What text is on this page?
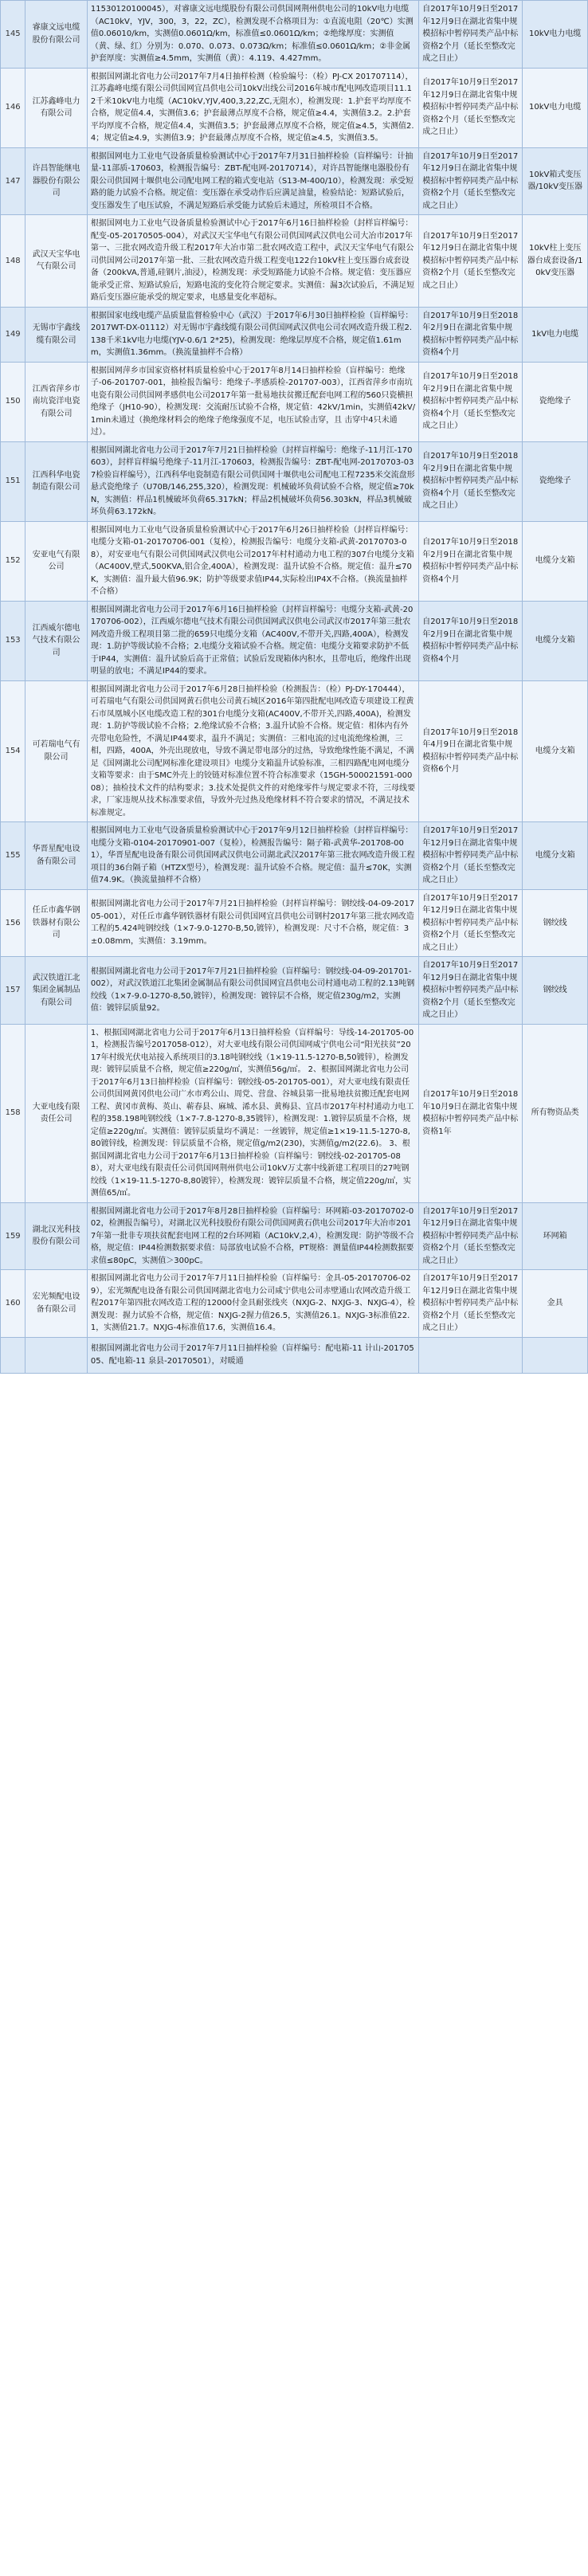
145	睿康文远电缆股份有限公司	11530120100045），对睿康文远电缆股份有限公司供国网荆州供电公司的10kV电力电缆（AC10kV，YJV，300，3，22，ZC），检测发现不合格项目为：①直流电阻（20℃）实测值0.06010/km，实测值0.0601Ω/km，标准值≤0.0601Ω/km；②绝缘厚度：实测值（黄、绿、红）分别为：0.070、0.073、0.073Ω/km；标准值≤0.0601Ω/km；②非金属护套厚度：实测值≥4.5mm，实测值（黄）：4.119、4.427mm。	自2017年10月9日至2017年12月9日在湖北省集中规模招标中暂停同类产品中标资格2个月（延长至整改完成之日止）	10kV电力电缆
146	江苏鑫峰电力有限公司	根据国网湖北省电力公司2017年7月4日抽样检测（检验编号：（检）PJ-CX 201707114），江苏鑫峰电缆有限公司供国网宜昌供电公司10kV出线公司2016年城市配电网改造项目11.12千米10kV电力电缆（AC10kV,YJV,400,3,22,ZC,无阻水），检测发现：1.护套平均厚度不合格，规定值4.4，实测值3.6；护套最薄点厚度不合格，规定值≥4.4，实测值3.2。2.护套平均厚度不合格，规定值4.4，实测值3.5；护套最薄点厚度不合格，规定值≥4.5，实测值2.4；规定值≥4.9，实测值3.9；护套最薄点厚度不合格，规定值≥4.5，实测值3.5。	自2017年10月9日至2017年12月9日在湖北省集中规模招标中暂停同类产品中标资格2个月（延长至整改完成之日止）	10kV电力电缆
147	许昌智能继电器股份有限公司	根据国网电力工业电气设备质量检验测试中心于2017年7月31日抽样检验（盲样编号：计抽量-11部质-170603，检测报告编号：ZBT-配电网-20170714），对许昌智能继电器股份有限公司供国网十堰供电公司配电网工程的箱式变电站（S13-M-400/10），检测发现：承受短路的能力试验不合格。规定值：变压器在承受动作后应满足油量，检验结论：短路试验后，变压器发生了电压试验，不满足短路后承受能力试验后未通过，所检项目不合格。	自2017年10月9日至2017年12月9日在湖北省集中规模招标中暂停同类产品中标资格2个月（延长至整改完成之日止）	10kV箱式变压器/10kV变压器
148	武汉天宝华电气有限公司	根据国网电力工业电气设备质量检验测试中心于2017年6月16日抽样检验（封样盲样编号：配变-05-20170505-004），对武汉天宝华电气有限公司供国网武汉供电公司大冶市2017年第一、三批农网改造升级工程2017年大冶市第二批农网改造工程中，武汉天宝华电气有限公司供国网公司2017年第一批、三批农网改造升级工程变电122台10kV柱上变压器台成套设备（200kVA,普通,硅钢片,油浸），检测发现：承受短路能力试验不合格。规定值：变压器应能承受正常、短路试验后，短路电流的变化符合规定要求。实测值：漏3次试验后，不满足短路后变压器应能承受的规定要求，电感量变化率超标。	自2017年10月9日至2017年12月9日在湖北省集中规模招标中暂停同类产品中标资格2个月（延长至整改完成之日止）	10kV柱上变压器台成套设备/10kV变压器
149	无锡市宇鑫线缆有限公司	根据国家电线电缆产品质量监督检验中心（武汉）于2017年6月30日抽样检验（盲样编号：2017WT-DX-01112）对无锡市宇鑫线缆有限公司供国网武汉供电公司农网改造升级工程2.138千米1kV电力电缆(YJV-0.6/1 2*25)，检测发现：绝缘层厚度不合格，规定值1.61mm，实测值1.36mm。（换流量抽样不合格）	自2017年10月9日至2018年2月9日在湖北省集中规模招标中暂停同类产品中标资格4个月	1kV电力电缆
150	江西省萍乡市南坑瓷洋电瓷有限公司	根据国网萍乡市国家资格材料质量检验中心于2017年8月14日抽样检验（盲样编号：绝缘子-06-201707-001，抽检报告编号：绝缘子-孝感质检-201707-003），江西省萍乡市南坑电瓷有限公司供国网孝感供电公司2017年第一批易地扶贫搬迁配套电网工程的560只瓷横担绝缘子（JH10-90），检测发现：交流耐压试验不合格，规定值：42kV/1min，实测值42kV/1min未通过（换绝缘材料会的绝缘子绝缘强度不足，电压试验击穿，且 击穿中4只未通过）。	自2017年10月9日至2018年2月9日在湖北省集中规模招标中暂停同类产品中标资格4个月（延长至整改完成之日止）	瓷绝缘子
151	江西科华电瓷制造有限公司	根据国网湖北省电力公司于2017年7月21日抽样检验（封样盲样编号：绝缘子-11月江-170603），封样盲样编号绝缘子-11月江-170603，检测报告编号：ZBT-配电网-20170703-037检验盲样编号），江西科华电瓷制造有限公司供国网十堰供电公司配电工程7235米交流盘形悬式瓷绝缘子（U70B/146,255,320），检测发现：机械破坏负荷试验不合格，规定值≥70kN，实测值：样品1机械破坏负荷65.317kN；样品2机械破坏负荷56.303kN，样品3机械破坏负荷63.172kN。	自2017年10月9日至2018年2月9日在湖北省集中规模招标中暂停同类产品中标资格4个月（延长至整改完成之日止）	瓷绝缘子
152	安亚电气有限公司	根据国网电力工业电气设备质量检验测试中心于2017年6月26日抽样检验（封样盲样编号：电缆分支箱-01-20170706-001（复检），检测报告编号：电缆分支箱-武黄-20170703-08），对安亚电气有限公司供国网武汉供电公司2017年村村通动力电工程的307台电缆分支箱（AC400V,壁式,500KVA,铝合金,400A），检测发现：温升试验不合格。规定值：温升≤70K，实测值：温升最大值96.9K；防护等级要求值IP44,实际检出IP4X不合格。（换流量抽样不合格）	自2017年10月9日至2018年2月9日在湖北省集中规模招标中暂停同类产品中标资格4个月	电缆分支箱
153	江西威尔德电气技术有限公司	根据国网湖北省电力公司于2017年6月16日抽样检验（封样盲样编号：电缆分支箱-武黄-20170706-002），江西威尔德电气技术有限公司供国网武汉供电公司武汉市2017年第三批农网改造升级工程项目第二批的659只电缆分支箱（AC400V,不带开关,四路,400A），检测发现：1.防护等级试验不合格；2.电缆分支箱试验不合格。规定值：电缆分支箱要求防护不低于IP44，实测值：温升试验后高于正常值；试验后发现箱体内积水，且带电后，绝缘件出现明显的放电；不满足IP44的要求。	自2017年10月9日至2018年2月9日在湖北省集中规模招标中暂停同类产品中标资格4个月	电缆分支箱
154	可若瑞电气有限公司	根据国网湖北省电力公司于2017年6月28日抽样检验（检测报告：（检）PJ-DY-170444），可若瑞电气有限公司供国网黄石供电公司黄石城区2016年第四批配电网改造专项建设工程黄石市凤凰城小区电缆改造工程的301台电缆分支箱(AC400V,不带开关,四路,400A)，检测发现：1.防护等级试验不合格；2.绝缘试验不合格；3.温升试验不合格。规定值：相体内有外壳带电危险性，不满足IP44要求，温升不满足；实测值：三相电流的过电流绝缘检测，三相，四路，400A，外壳出现放电，导致不满足带电部分的过热，导致绝缘性能不满足，不满足《国网湖北公司配网标准化建设项目》电缆分支箱温升试验标准，三相四路配电网电缆分支箱等要求：由于SMC外壳上的铰链对标准位置不符合标准要求（15GH-500021591-00008）；抽检技术文件的结构要求；3.技术处提供文件的对绝缘零件与规定要求不符，三母线要求，厂家违规从技术标准要求值，导致外壳过热及绝缘材料不符合要求的情况，不满足技术标准规定。	自2017年10月9日至2018年4月9日在湖北省集中规模招标中暂停同类产品中标资格6个月	电缆分支箱
155	华晋星配电设备有限公司	根据国网电力工业电气设备质量检验测试中心于2017年9月12日抽样检验（封样盲样编号：电缆分支箱-0104-20170901-007（复检），检测报告编号：隔子箱-武黄华-201708-001），华晋星配电设备有限公司供国网武汉供电公司湖北武汉2017年第三批农网改造升级工程项目的36台隔子箱（HTZX型号），检测发现：温升试验不合格。规定值：温升≤70K，实测值74.9K。（换流量抽样不合格）	自2017年10月9日至2017年12月9日在湖北省集中规模招标中暂停同类产品中标资格2个月（延长至整改完成之日止）	电缆分支箱
156	任丘市鑫华钢铁器材有限公司	根据国网湖北省电力公司于2017年7月21日抽样检验（封样盲样编号：钢绞线-04-09-201705-001），对任丘市鑫华钢铁器材有限公司供国网宜昌供电公司钢村2017年第三批农网改造工程的5.424吨钢绞线（1×7-9.0-1270-B,50,镀锌），检测发现：尺寸不合格，规定值：3±0.08mm，实测值：3.19mm。	自2017年10月9日至2017年12月9日在湖北省集中规模招标中暂停同类产品中标资格2个月（延长至整改完成之日止）	钢绞线
157	武汉铁道江北集团金属制品有限公司	根据国网湖北省电力公司于2017年7月21日抽样检验（盲样编号：钢绞线-04-09-201701-002），对武汉铁道江北集团金属制品有限公司供国网宜昌供电公司村通电动工程的2.13吨钢绞线（1×7-9.0-1270-8,50,镀锌），检测发现：镀锌层不合格，规定值230g/m2，实测值：镀锌层质量92。	自2017年10月9日至2017年12月9日在湖北省集中规模招标中暂停同类产品中标资格2个月（延长至整改完成之日止）	钢绞线
158	大亚电线有限责任公司	1、根据国网湖北省电力公司于2017年6月13日抽样检验（盲样编号：导线-14-201705-001，检测报告编号2017058-012），对大亚电线有限公司供国网咸宁供电公司“阳光扶贫”2017年村级光伏电站接入系统项目的3.18吨钢绞线（1×19-11.5-1270-B,50镀锌），检测发现：镀锌层质量不合格，规定值≥220g/㎡，实测值56g/㎡。 2、根据国网湖北省电力公司于2017年6月13日抽样检验（盲样编号：钢绞线-05-201705-001），对大亚电线有限责任公司供国网黄冈供电公司广水市鸡公山、周党、营盘、谷城县第一批易地扶贫搬迁配套电网工程、黄冈市黄梅、英山、蕲春县、麻城、浠水县、黄梅县、宜昌市2017年村村通动力电工程的358.198吨钢绞线（1×7-7.8-1270-8,35镀锌），检测发现：1.镀锌层质量不合格，规定值≥220g/㎡。实测值：镀锌层质量均不满足：一丝镀锌，规定值≥1×19-11.5-1270-8,80镀锌线，检测发现：锌层质量不合格，规定值g/m2(230)，实测值g/m2(22.6)。 3、根据国网湖北省电力公司于2017年6月13日抽样检验（盲样编号：钢绞线-02-201705-088），对大亚电线有限责任公司供国网荆州供电公司10kV万丈寨中线新建工程项目的27吨钢绞线（1×19-11.5-1270-8,80镀锌），检测发现：镀锌层质量不合格，规定值220g/㎡，实测值65/㎡。	自2017年10月9日至2018年10月9日在湖北省集中规模招标中暂停同类产品中标资格1年	所有物资品类
159	湖北汉光科技股份有限公司	根据国网湖北省电力公司于2017年8月28日抽样检验（盲样编号：环网箱-03-20170702-002，检测报告编号），对湖北汉光科技股份有限公司供国网黄石供电公司2017年大冶市2017年第一批非专项扶贫配套电网工程的2台环网箱（AC10kV,2,4），检测发现：防护等级不合格，规定值：IP44检测数据要求值：局部放电试验不合格，PT规格：测量值IP44检测数据要求值≤80pC，实测值＞300pC。	自2017年10月9日至2017年12月9日在湖北省集中规模招标中暂停同类产品中标资格2个月（延长至整改完成之日止）	环网箱
160	宏光频配电设备有限公司	根据国网湖北省电力公司于2017年7月11日抽样检验（盲样编号：金具-05-20170706-029），宏光频配电设备有限公司供国网湖北省电力公司咸宁供电公司赤壁通山农网改造升级工程2017年第四批农网改造工程的12000付金具耐张线夹（NXJG-2、NXJG-3、NXJG-4），检测发现：握力试验不合格，规定值：NXJG-2握力值26.5，实测值26.1。NXJG-3标准值22.1，实测值21.7。NXJG-4标准值17.6，实测值16.4。	自2017年10月9日至2017年12月9日在湖北省集中规模招标中暂停同类产品中标资格2个月（延长至整改完成之日止）	金具
		根据国网湖北省电力公司于2017年7月11日抽样检验（盲样编号：配电箱-11 计山-20170505、配电箱-11 泉县-20170501），对暖通		
